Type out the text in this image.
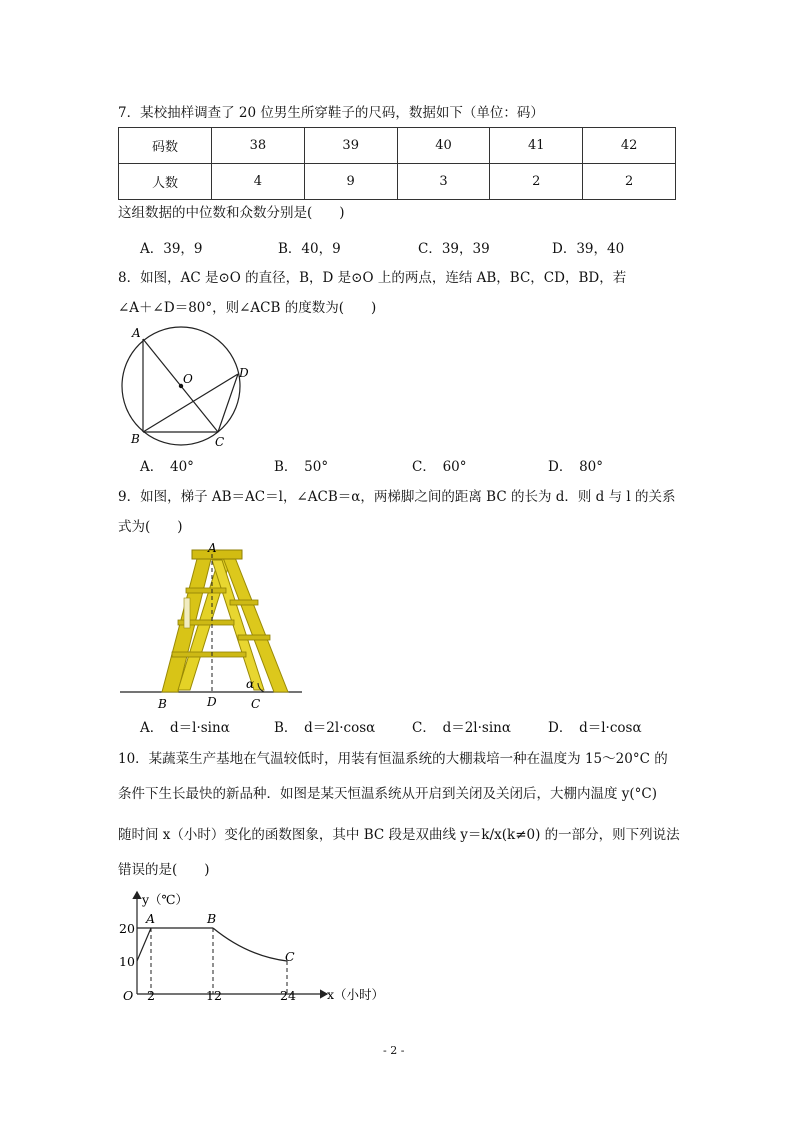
7．某校抽样调查了 20 位男生所穿鞋子的尺码，数据如下（单位：码）
码数	38	39	40	41	42
人数	4	9	3	2	2
这组数据的中位数和众数分别是(　　)
A．39，9	B．40，9	C．39，39	D．39，40
8．如图，AC 是⊙O 的直径，B，D 是⊙O 上的两点，连结 AB，BC，CD，BD，若
∠A＋∠D＝80°，则∠ACB 的度数为(　　)
A
O	D
B	C
A．　40°	B．　50°	C．　60°	D．　80°
9．如图，梯子 AB＝AC＝l，∠ACB＝α，两梯脚之间的距离 BC 的长为 d．则 d 与 l 的关系
式为(　　)
A
α
B	D	C
A．　d＝l·sinα	B．　d＝2l·cosα	C．　d＝2l·sinα	D．　d＝l·cosα
10．某蔬菜生产基地在气温较低时，用装有恒温系统的大棚栽培一种在温度为 15～20°C 的
条件下生长最快的新品种．如图是某天恒温系统从开启到关闭及关闭后，大棚内温度 y(°C)
随时间 x（小时）变化的函数图象，其中 BC 段是双曲线 y＝k/x(k≠0) 的一部分，则下列说法
错误的是(　　)
y（℃）
x（小时）
O 2	12	24
20
10
A	B
C
- 2 -
